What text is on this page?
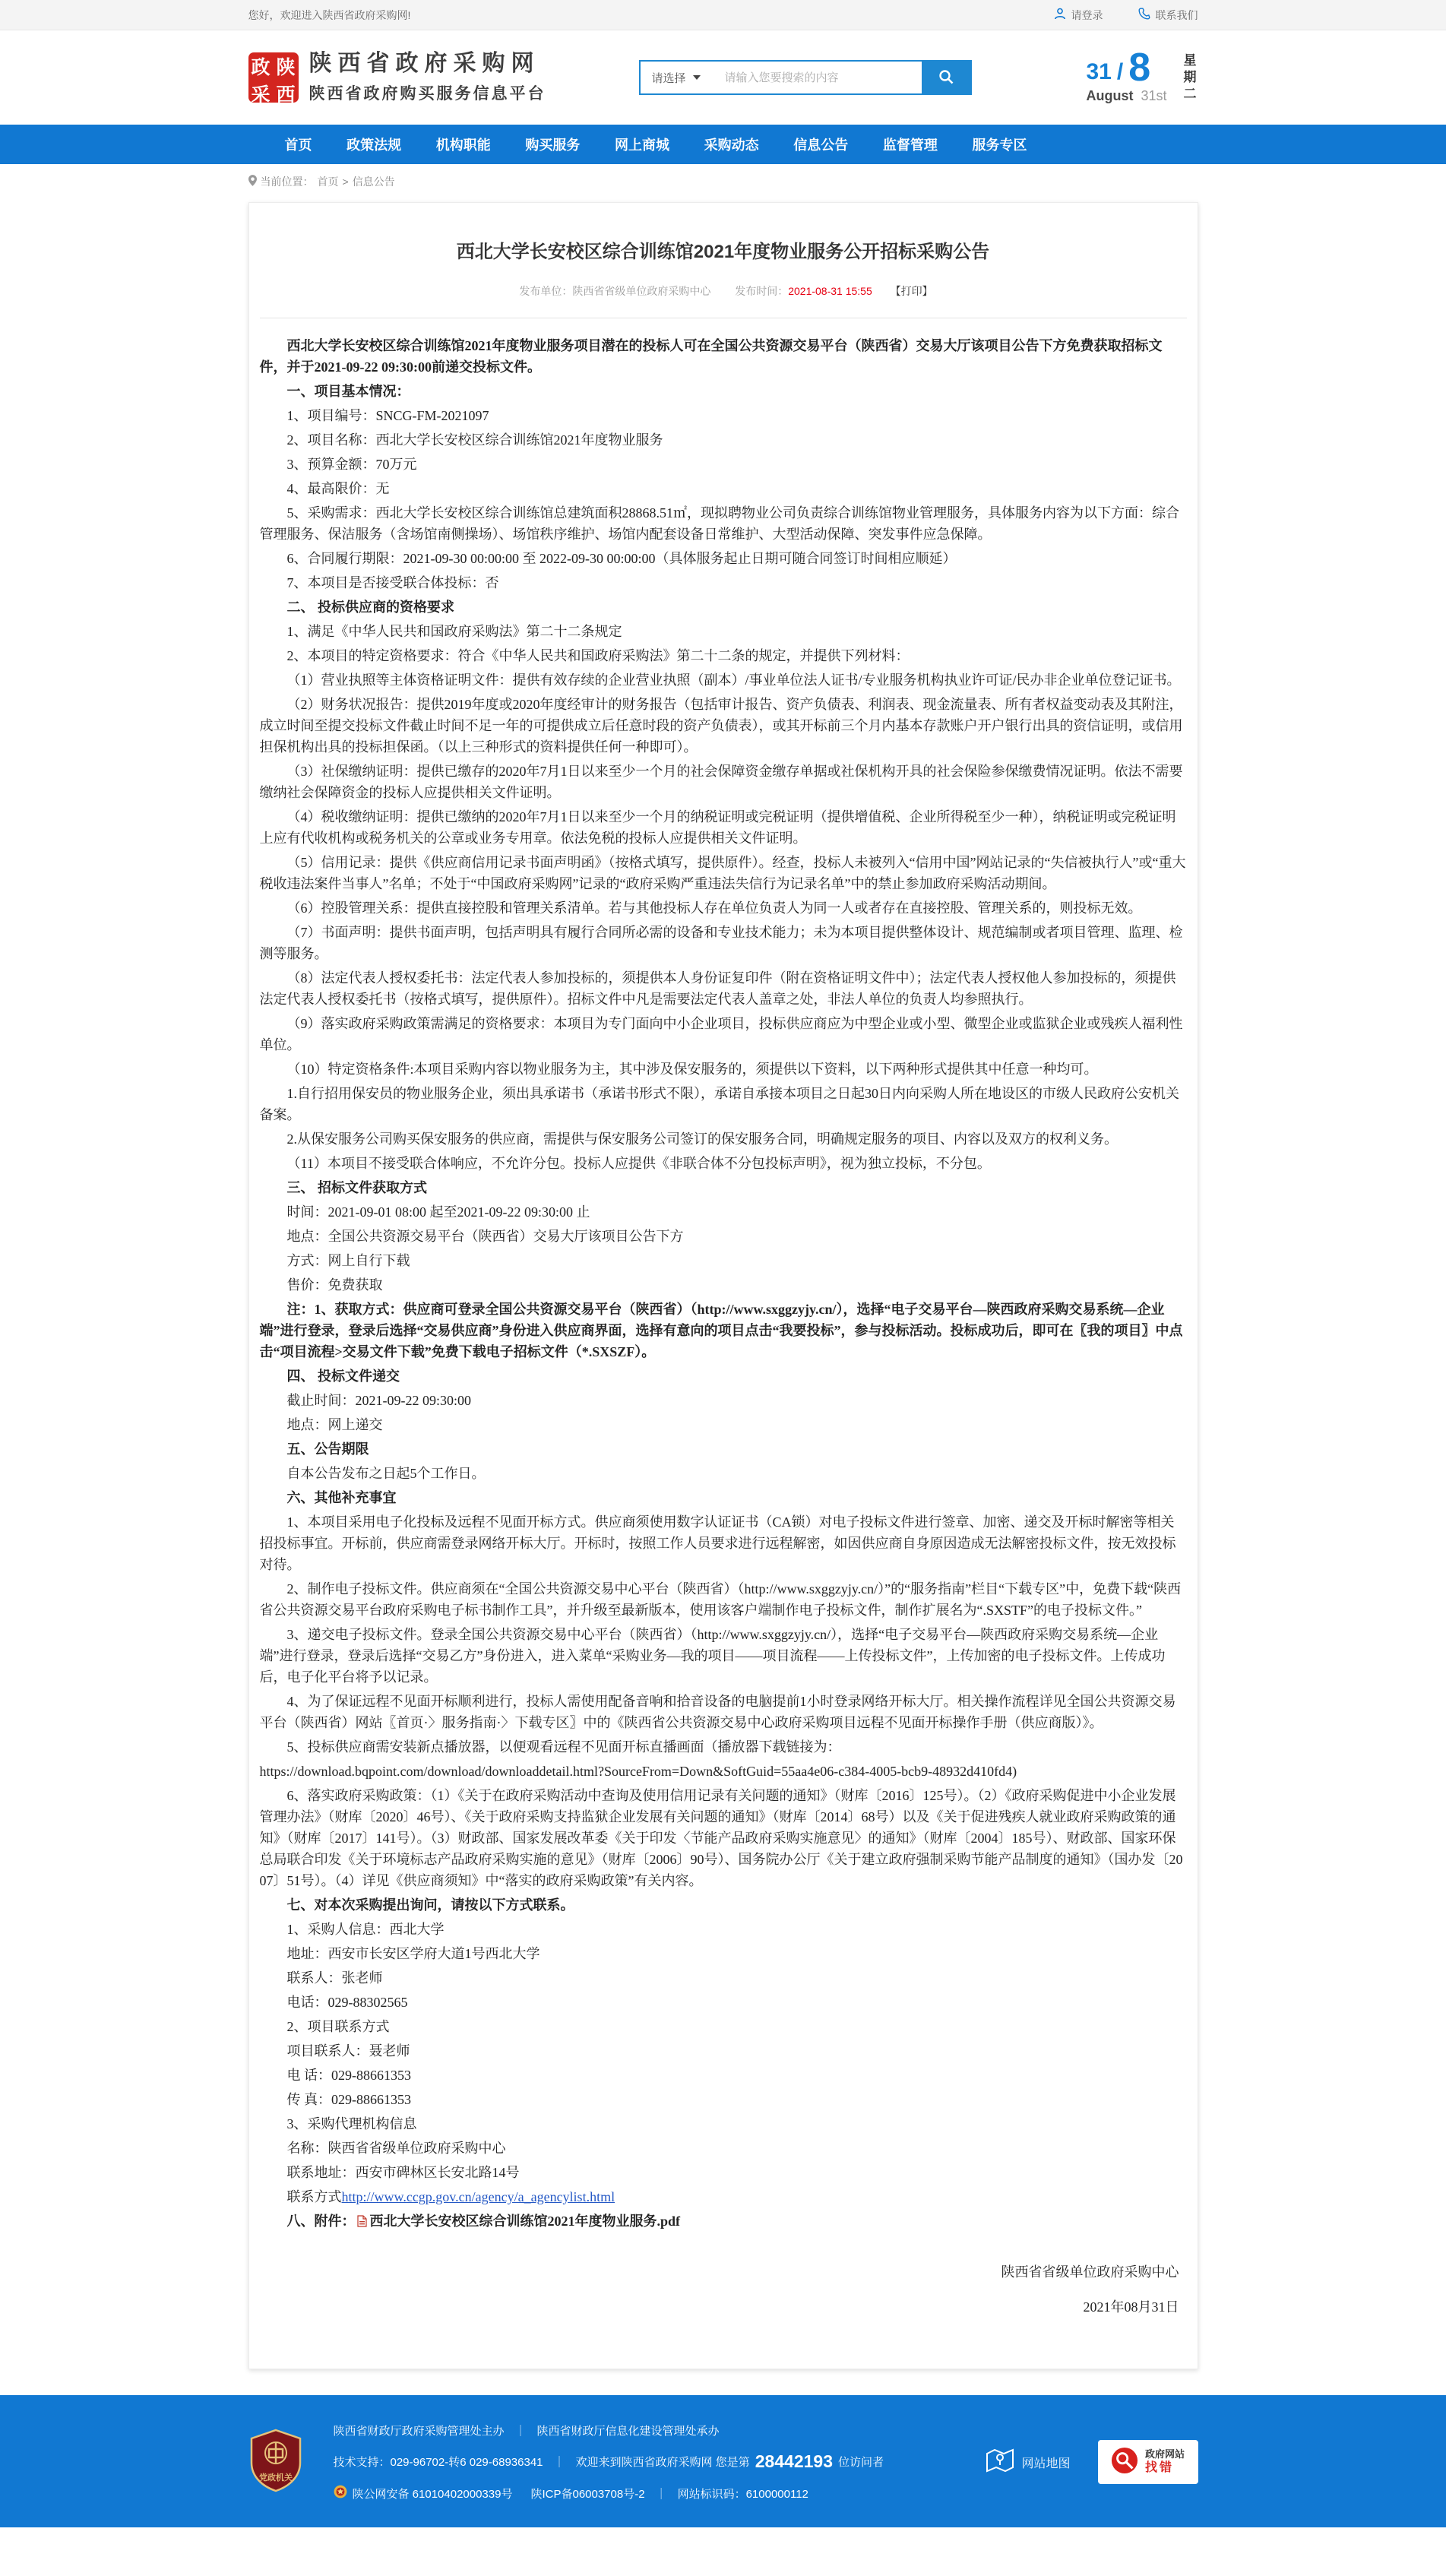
您好，欢迎进入陕西省政府采购网!	请登录	联系我们
政 陕
采 西
陕西省政府采购网

陕西省政府购买服务信息平台

请选择
请输入您要搜索的内容	31 / 8
August 31st 星期二
首页	政策法规	机构职能	购买服务	网上商城	采购动态	信息公告	监督管理	服务专区
当前位置： 首页 > 信息公告
西北大学长安校区综合训练馆2021年度物业服务公开招标采购公告
发布单位：陕西省省级单位政府采购中心 发布时间：2021-08-31 15:55 【打印】

西北大学长安校区综合训练馆2021年度物业服务项目潜在的投标人可在全国公共资源交易平台（陕西省）交易大厅该项目公告下方免费获取招标文件，并于2021-09-22 09:30:00前递交投标文件。

一、项目基本情况：

1、项目编号：SNCG-FM-2021097

2、项目名称：西北大学长安校区综合训练馆2021年度物业服务

3、预算金额：70万元

4、最高限价：无

5、采购需求：西北大学长安校区综合训练馆总建筑面积28868.51㎡，现拟聘物业公司负责综合训练馆物业管理服务，具体服务内容为以下方面：综合管理服务、保洁服务（含场馆南侧操场）、场馆秩序维护、场馆内配套设备日常维护、大型活动保障、突发事件应急保障。

6、合同履行期限：2021-09-30 00:00:00 至 2022-09-30 00:00:00（具体服务起止日期可随合同签订时间相应顺延）

7、本项目是否接受联合体投标：否

二、 投标供应商的资格要求

1、满足《中华人民共和国政府采购法》第二十二条规定

2、本项目的特定资格要求：符合《中华人民共和国政府采购法》第二十二条的规定，并提供下列材料：

（1）营业执照等主体资格证明文件：提供有效存续的企业营业执照（副本）/事业单位法人证书/专业服务机构执业许可证/民办非企业单位登记证书。

（2）财务状况报告：提供2019年度或2020年度经审计的财务报告（包括审计报告、资产负债表、利润表、现金流量表、所有者权益变动表及其附注，成立时间至提交投标文件截止时间不足一年的可提供成立后任意时段的资产负债表），或其开标前三个月内基本存款账户开户银行出具的资信证明，或信用担保机构出具的投标担保函。（以上三种形式的资料提供任何一种即可）。

（3）社保缴纳证明：提供已缴存的2020年7月1日以来至少一个月的社会保障资金缴存单据或社保机构开具的社会保险参保缴费情况证明。依法不需要缴纳社会保障资金的投标人应提供相关文件证明。

（4）税收缴纳证明：提供已缴纳的2020年7月1日以来至少一个月的纳税证明或完税证明（提供增值税、企业所得税至少一种），纳税证明或完税证明上应有代收机构或税务机关的公章或业务专用章。依法免税的投标人应提供相关文件证明。

（5）信用记录：提供《供应商信用记录书面声明函》（按格式填写，提供原件）。经查，投标人未被列入“信用中国”网站记录的“失信被执行人”或“重大税收违法案件当事人”名单；不处于“中国政府采购网”记录的“政府采购严重违法失信行为记录名单”中的禁止参加政府采购活动期间。

（6）控股管理关系：提供直接控股和管理关系清单。若与其他投标人存在单位负责人为同一人或者存在直接控股、管理关系的，则投标无效。

（7）书面声明：提供书面声明，包括声明具有履行合同所必需的设备和专业技术能力；未为本项目提供整体设计、规范编制或者项目管理、监理、检测等服务。

（8）法定代表人授权委托书：法定代表人参加投标的，须提供本人身份证复印件（附在资格证明文件中）；法定代表人授权他人参加投标的，须提供法定代表人授权委托书（按格式填写，提供原件）。招标文件中凡是需要法定代表人盖章之处，非法人单位的负责人均参照执行。

（9）落实政府采购政策需满足的资格要求：本项目为专门面向中小企业项目，投标供应商应为中型企业或小型、微型企业或监狱企业或残疾人福利性单位。

（10）特定资格条件:本项目采购内容以物业服务为主，其中涉及保安服务的，须提供以下资料，以下两种形式提供其中任意一种均可。

1.自行招用保安员的物业服务企业，须出具承诺书（承诺书形式不限），承诺自承接本项目之日起30日内向采购人所在地设区的市级人民政府公安机关备案。

2.从保安服务公司购买保安服务的供应商，需提供与保安服务公司签订的保安服务合同，明确规定服务的项目、内容以及双方的权利义务。

（11）本项目不接受联合体响应，不允许分包。投标人应提供《非联合体不分包投标声明》，视为独立投标，不分包。

三、 招标文件获取方式

时间：2021-09-01 08:00 起至2021-09-22 09:30:00 止

地点：全国公共资源交易平台（陕西省）交易大厅该项目公告下方

方式：网上自行下载

售价：免费获取

注：1、获取方式：供应商可登录全国公共资源交易平台（陕西省）（http://www.sxggzyjy.cn/），选择“电子交易平台—陕西政府采购交易系统—企业端”进行登录，登录后选择“交易供应商”身份进入供应商界面，选择有意向的项目点击“我要投标”，参与投标活动。投标成功后，即可在〖我的项目〗中点击“项目流程>交易文件下载”免费下载电子招标文件（*.SXSZF）。

四、 投标文件递交

截止时间：2021-09-22 09:30:00

地点：网上递交

五、公告期限

自本公告发布之日起5个工作日。

六、其他补充事宜

1、本项目采用电子化投标及远程不见面开标方式。供应商须使用数字认证证书（CA锁）对电子投标文件进行签章、加密、递交及开标时解密等相关招投标事宜。开标前，供应商需登录网络开标大厅。开标时，按照工作人员要求进行远程解密，如因供应商自身原因造成无法解密投标文件，按无效投标对待。

2、制作电子投标文件。供应商须在“全国公共资源交易中心平台（陕西省）（http://www.sxggzyjy.cn/）”的“服务指南”栏目“下载专区”中，免费下载“陕西省公共资源交易平台政府采购电子标书制作工具”，并升级至最新版本，使用该客户端制作电子投标文件，制作扩展名为“.SXSTF”的电子投标文件。”

3、递交电子投标文件。登录全国公共资源交易中心平台（陕西省）（http://www.sxggzyjy.cn/），选择“电子交易平台—陕西政府采购交易系统—企业端”进行登录，登录后选择“交易乙方”身份进入，进入菜单“采购业务—我的项目——项目流程——上传投标文件”，上传加密的电子投标文件。上传成功后，电子化平台将予以记录。

4、为了保证远程不见面开标顺利进行，投标人需使用配备音响和拾音设备的电脑提前1小时登录网络开标大厅。相关操作流程详见全国公共资源交易平台（陕西省）网站〖首页·〉服务指南·〉下载专区〗中的《陕西省公共资源交易中心政府采购项目远程不见面开标操作手册（供应商版）》。

5、投标供应商需安装新点播放器，以便观看远程不见面开标直播画面（播放器下载链接为：

https://download.bqpoint.com/download/downloaddetail.html?SourceFrom=Down&SoftGuid=55aa4e06-c384-4005-bcb9-48932d410fd4)

6、落实政府采购政策：（1）《关于在政府采购活动中查询及使用信用记录有关问题的通知》（财库〔2016〕125号）。（2）《政府采购促进中小企业发展管理办法》（财库〔2020〕46号）、《关于政府采购支持监狱企业发展有关问题的通知》（财库〔2014〕68号）以及《关于促进残疾人就业政府采购政策的通知》（财库〔2017〕141号）。（3）财政部、国家发展改革委《关于印发〈节能产品政府采购实施意见〉的通知》（财库〔2004〕185号）、财政部、国家环保总局联合印发《关于环境标志产品政府采购实施的意见》（财库〔2006〕90号）、国务院办公厅《关于建立政府强制采购节能产品制度的通知》（国办发〔2007〕51号）。（4）详见《供应商须知》中“落实的政府采购政策”有关内容。

七、对本次采购提出询问，请按以下方式联系。

1、采购人信息：西北大学

地址：西安市长安区学府大道1号西北大学

联系人：张老师

电话：029-88302565

2、项目联系方式

项目联系人：聂老师

电 话：029-88661353

传 真：029-88661353

3、采购代理机构信息

名称：陕西省省级单位政府采购中心

联系地址：西安市碑林区长安北路14号

联系方式http://www.ccgp.gov.cn/agency/a_agencylist.html

八、附件： 西北大学长安校区综合训练馆2021年度物业服务.pdf

陕西省省级单位政府采购中心
2021年08月31日
党政机关
陕西省财政厅政府采购管理处主办 ｜ 陕西省财政厅信息化建设管理处承办
技术支持：029-96702-转6 029-68936341 ｜ 欢迎来到陕西省政府采购网 您是第 28442193 位访问者
陕公网安备 61010402000339号 陕ICP备06003708号-2 ｜ 网站标识码：6100000112
网站地图
政府网站
找错
